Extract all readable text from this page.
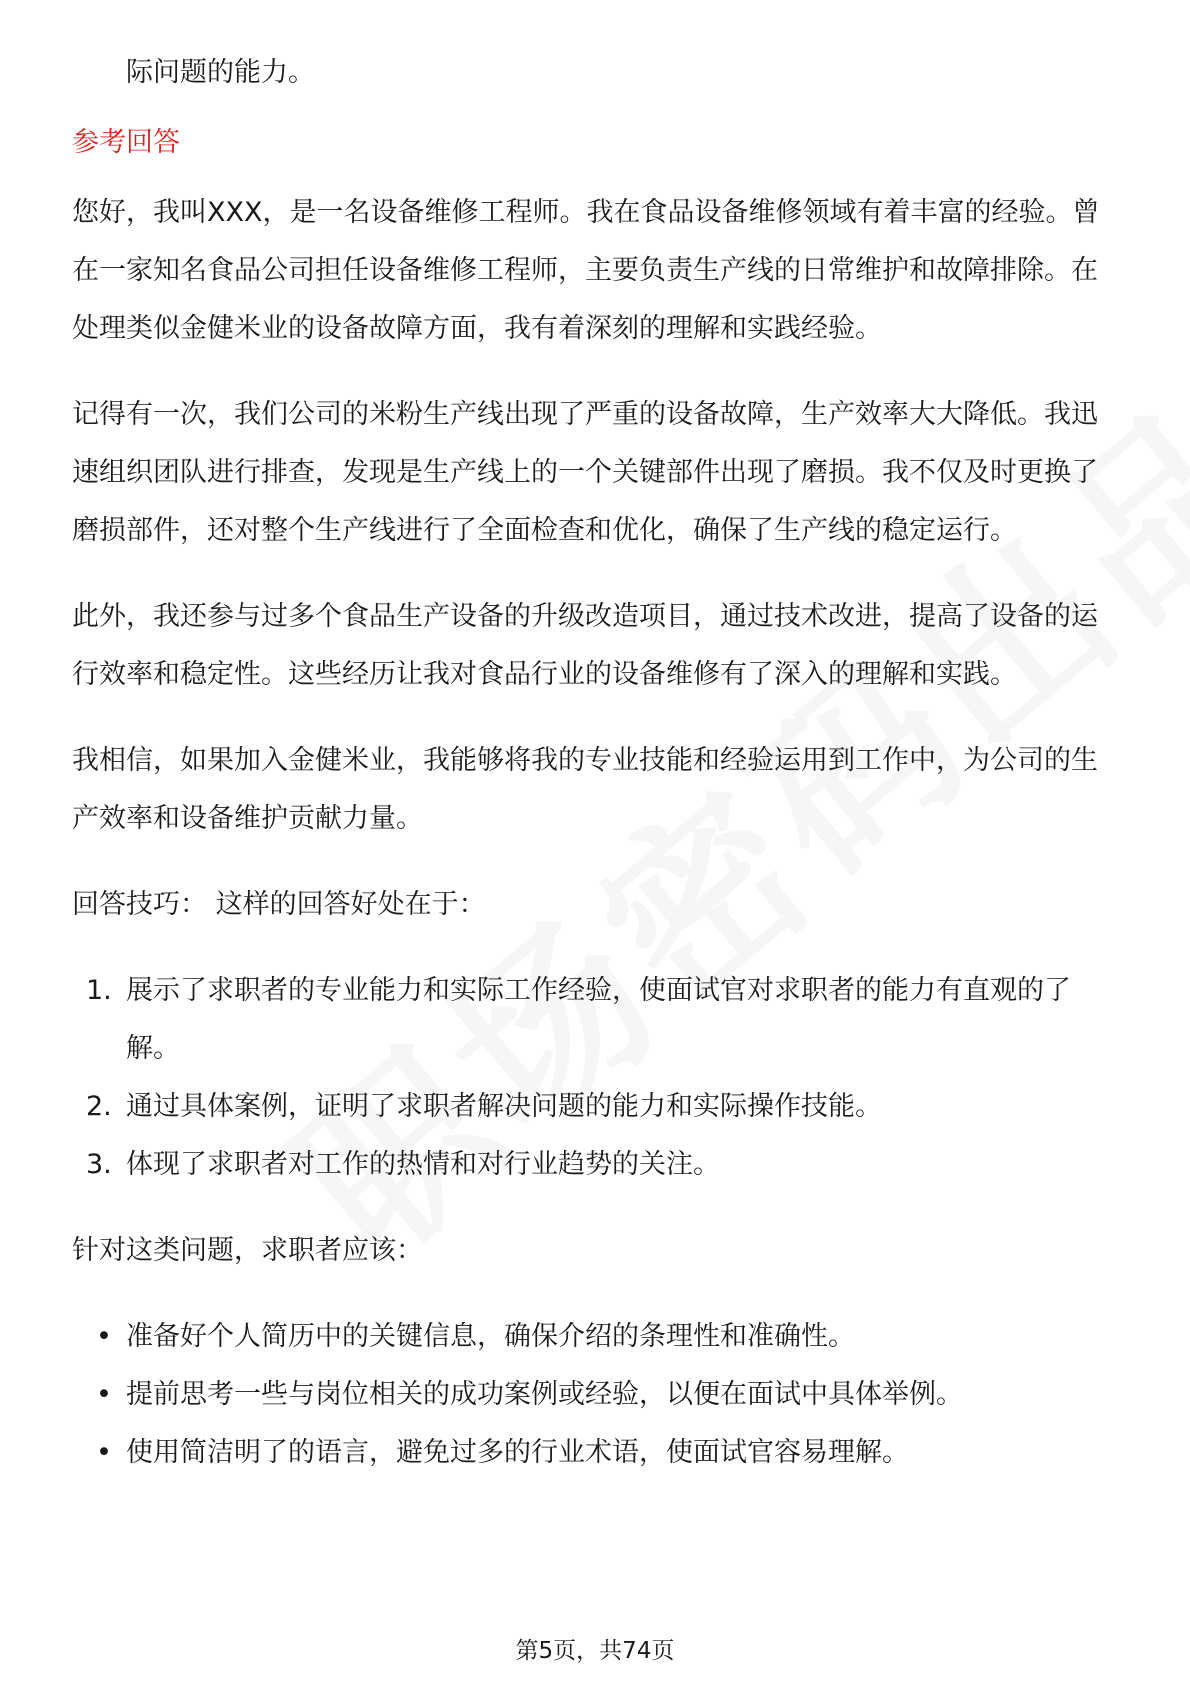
际问题的能力。

参考回答

您好，我叫XXX，是一名设备维修工程师。我在食品设备维修领域有着丰富的经验。曾在一家知名食品公司担任设备维修工程师，主要负责生产线的日常维护和故障排除。在处理类似金健米业的设备故障方面，我有着深刻的理解和实践经验。

记得有一次，我们公司的米粉生产线出现了严重的设备故障，生产效率大大降低。我迅速组织团队进行排查，发现是生产线上的一个关键部件出现了磨损。我不仅及时更换了磨损部件，还对整个生产线进行了全面检查和优化，确保了生产线的稳定运行。

此外，我还参与过多个食品生产设备的升级改造项目，通过技术改进，提高了设备的运行效率和稳定性。这些经历让我对食品行业的设备维修有了深入的理解和实践。

我相信，如果加入金健米业，我能够将我的专业技能和经验运用到工作中，为公司的生产效率和设备维护贡献力量。

回答技巧： 这样的回答好处在于：

1. 展示了求职者的专业能力和实际工作经验，使面试官对求职者的能力有直观的了解。
2. 通过具体案例，证明了求职者解决问题的能力和实际操作技能。
3. 体现了求职者对工作的热情和对行业趋势的关注。

针对这类问题，求职者应该：

• 准备好个人简历中的关键信息，确保介绍的条理性和准确性。
• 提前思考一些与岗位相关的成功案例或经验，以便在面试中具体举例。
• 使用简洁明了的语言，避免过多的行业术语，使面试官容易理解。
第5页，共74页
